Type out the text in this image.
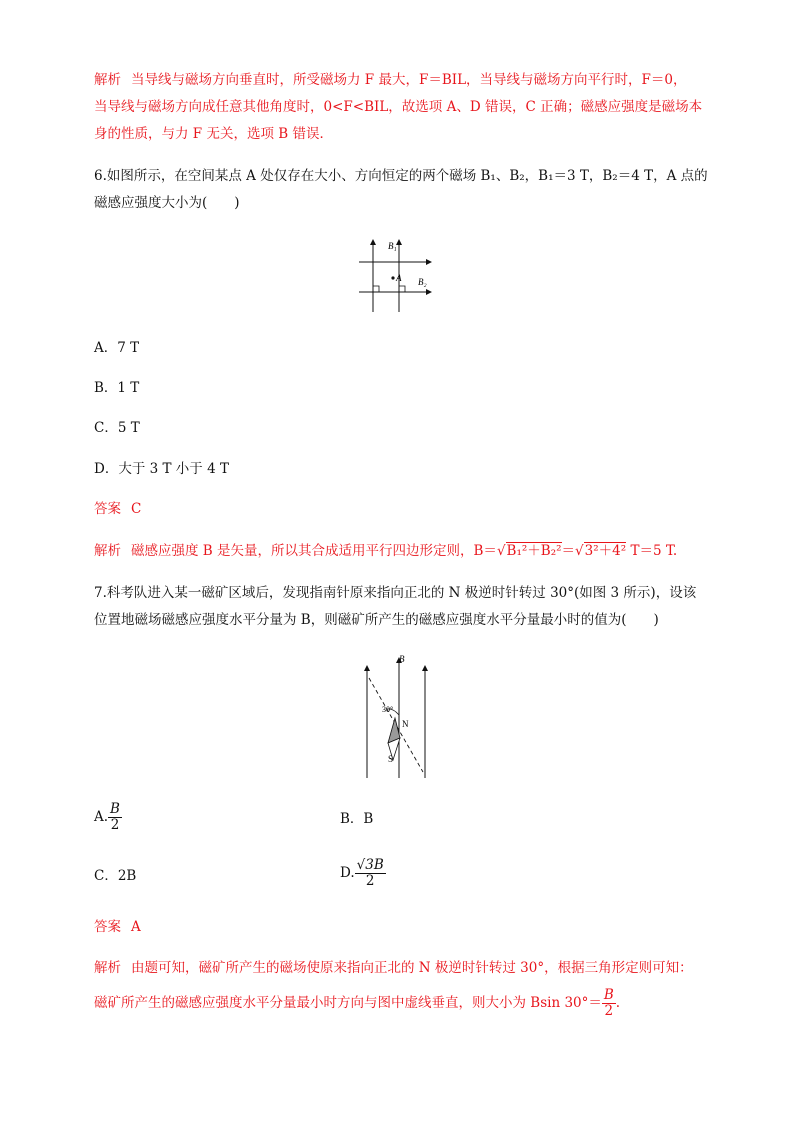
解析 当导线与磁场方向垂直时，所受磁场力 F 最大，F＝BIL，当导线与磁场方向平行时，F＝0，
当导线与磁场方向成任意其他角度时，0<F<BIL，故选项 A、D 错误，C 正确；磁感应强度是磁场本
身的性质，与力 F 无关，选项 B 错误．
6.如图所示，在空间某点 A 处仅存在大小、方向恒定的两个磁场 B₁、B₂，B₁＝3 T，B₂＝4 T，A 点的
磁感应强度大小为(　　)
B₁
A B₂
A．7 T
B．1 T
C．5 T
D．大于 3 T 小于 4 T
答案 C
解析 磁感应强度 B 是矢量，所以其合成适用平行四边形定则，B＝√B₁²＋B₂²＝√3²＋4² T＝5 T.
7.科考队进入某一磁矿区域后，发现指南针原来指向正北的 N 极逆时针转过 30°(如图 3 所示)，设该
位置地磁场磁感应强度水平分量为 B，则磁矿所产生的磁感应强度水平分量最小时的值为(　　)
B
30°
N
S
A. $\frac{B}{2}$	B．B
C．2B	D. $\frac{√3B}{2}$
答案 A
解析 由题可知，磁矿所产生的磁场使原来指向正北的 N 极逆时针转过 30°，根据三角形定则可知：
磁矿所产生的磁感应强度水平分量最小时方向与图中虚线垂直，则大小为 Bsin $30^\circ= \frac{B}{2}$ .
